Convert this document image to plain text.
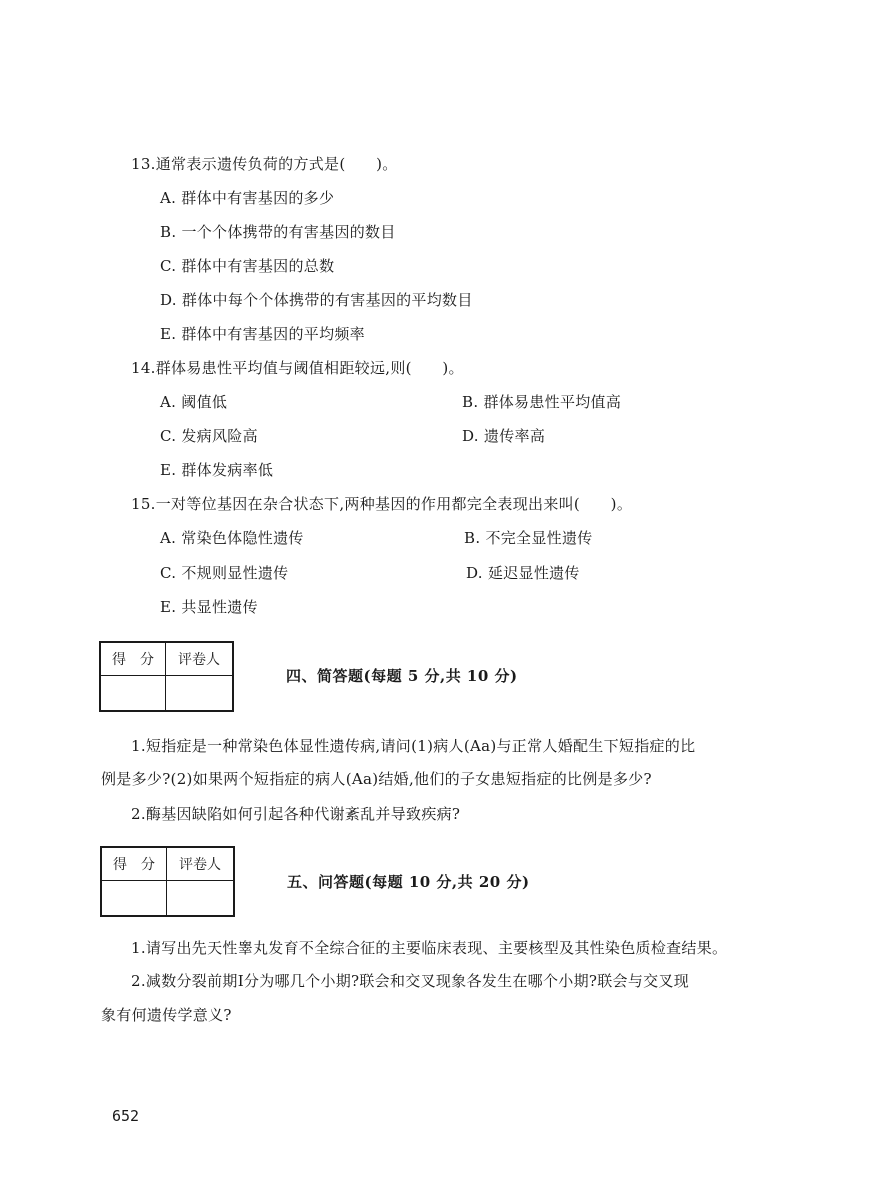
13.通常表示遗传负荷的方式是(　　)。
A. 群体中有害基因的多少
B. 一个个体携带的有害基因的数目
C. 群体中有害基因的总数
D. 群体中每个个体携带的有害基因的平均数目
E. 群体中有害基因的平均频率
14.群体易患性平均值与阈值相距较远,则(　　)。
A. 阈值低	B. 群体易患性平均值高
C. 发病风险高	D. 遗传率高
E. 群体发病率低
15.一对等位基因在杂合状态下,两种基因的作用都完全表现出来叫(　　)。
A. 常染色体隐性遗传	B. 不完全显性遗传
C. 不规则显性遗传	D. 延迟显性遗传
E. 共显性遗传
得　分	评卷人

四、简答题(每题 5 分,共 10 分)
1.短指症是一种常染色体显性遗传病,请问(1)病人(Aa)与正常人婚配生下短指症的比
例是多少?(2)如果两个短指症的病人(Aa)结婚,他们的子女患短指症的比例是多少?
2.酶基因缺陷如何引起各种代谢紊乱并导致疾病?
得　分	评卷人

五、问答题(每题 10 分,共 20 分)
1.请写出先天性睾丸发育不全综合征的主要临床表现、主要核型及其性染色质检查结果。
2.减数分裂前期Ⅰ分为哪几个小期?联会和交叉现象各发生在哪个小期?联会与交叉现
象有何遗传学意义?
652
